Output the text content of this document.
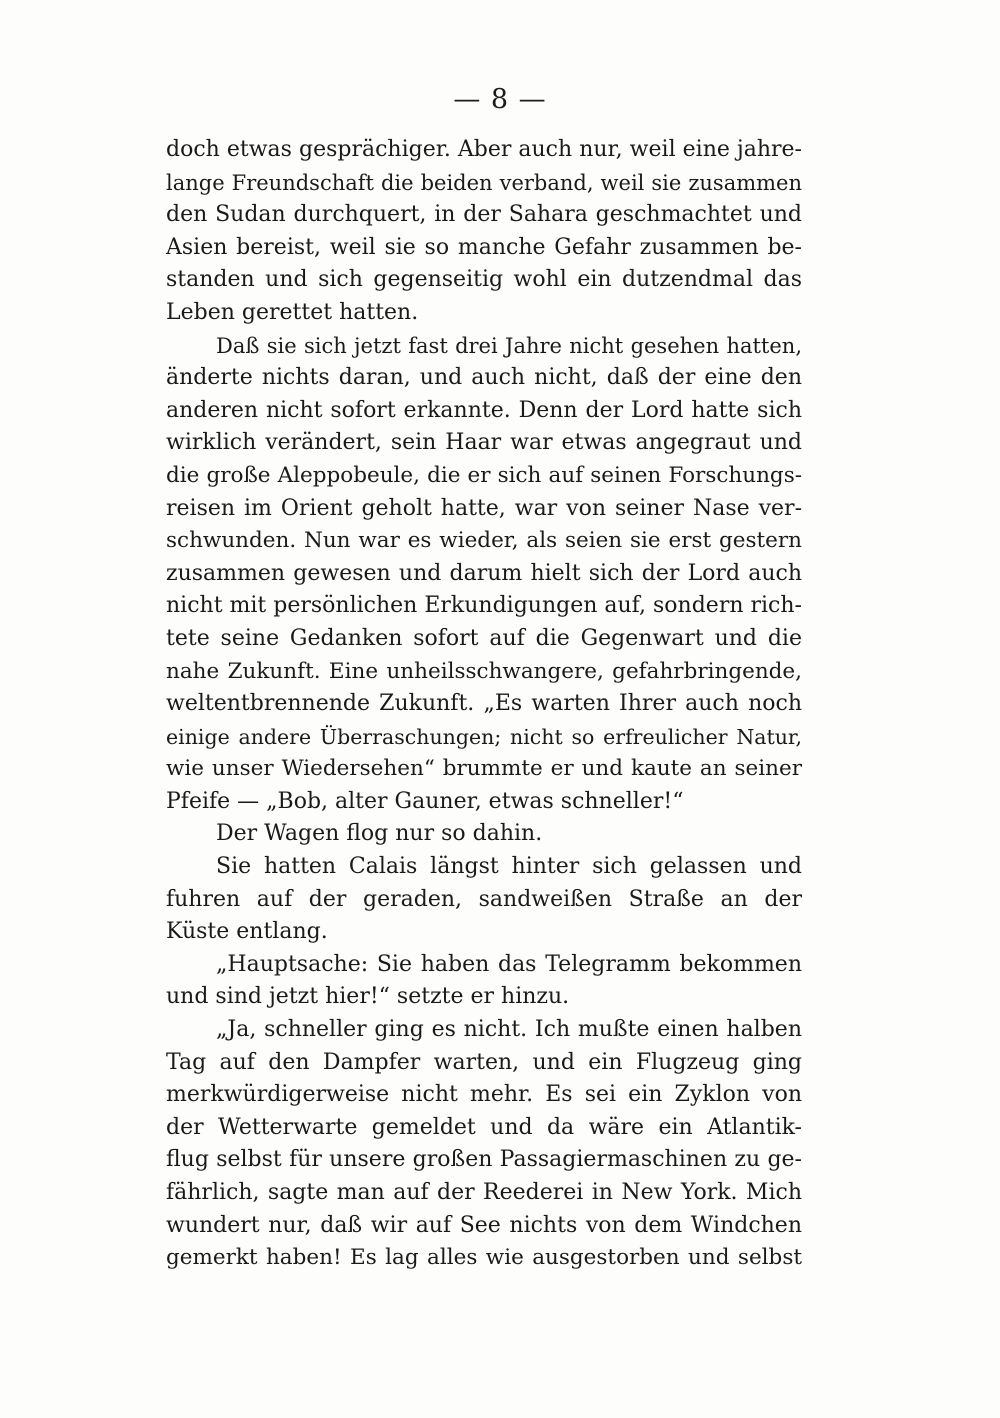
— 8 —
doch etwas gesprächiger. Aber auch nur, weil eine jahre-
lange Freundschaft die beiden verband, weil sie zusammen
den Sudan durchquert, in der Sahara geschmachtet und
Asien bereist, weil sie so manche Gefahr zusammen be-
standen und sich gegenseitig wohl ein dutzendmal das
Leben gerettet hatten.
Daß sie sich jetzt fast drei Jahre nicht gesehen hatten,
änderte nichts daran, und auch nicht, daß der eine den
anderen nicht sofort erkannte. Denn der Lord hatte sich
wirklich verändert, sein Haar war etwas angegraut und
die große Aleppobeule, die er sich auf seinen Forschungs-
reisen im Orient geholt hatte, war von seiner Nase ver-
schwunden. Nun war es wieder, als seien sie erst gestern
zusammen gewesen und darum hielt sich der Lord auch
nicht mit persönlichen Erkundigungen auf, sondern rich-
tete seine Gedanken sofort auf die Gegenwart und die
nahe Zukunft. Eine unheilsschwangere, gefahrbringende,
weltentbrennende Zukunft. „Es warten Ihrer auch noch
einige andere Überraschungen; nicht so erfreulicher Natur,
wie unser Wiedersehen“ brummte er und kaute an seiner
Pfeife — „Bob, alter Gauner, etwas schneller!“
Der Wagen flog nur so dahin.
Sie hatten Calais längst hinter sich gelassen und
fuhren auf der geraden, sandweißen Straße an der
Küste entlang.
„Hauptsache: Sie haben das Telegramm bekommen
und sind jetzt hier!“ setzte er hinzu.
„Ja, schneller ging es nicht. Ich mußte einen halben
Tag auf den Dampfer warten, und ein Flugzeug ging
merkwürdigerweise nicht mehr. Es sei ein Zyklon von
der Wetterwarte gemeldet und da wäre ein Atlantik-
flug selbst für unsere großen Passagiermaschinen zu ge-
fährlich, sagte man auf der Reederei in New York. Mich
wundert nur, daß wir auf See nichts von dem Windchen
gemerkt haben! Es lag alles wie ausgestorben und selbst
